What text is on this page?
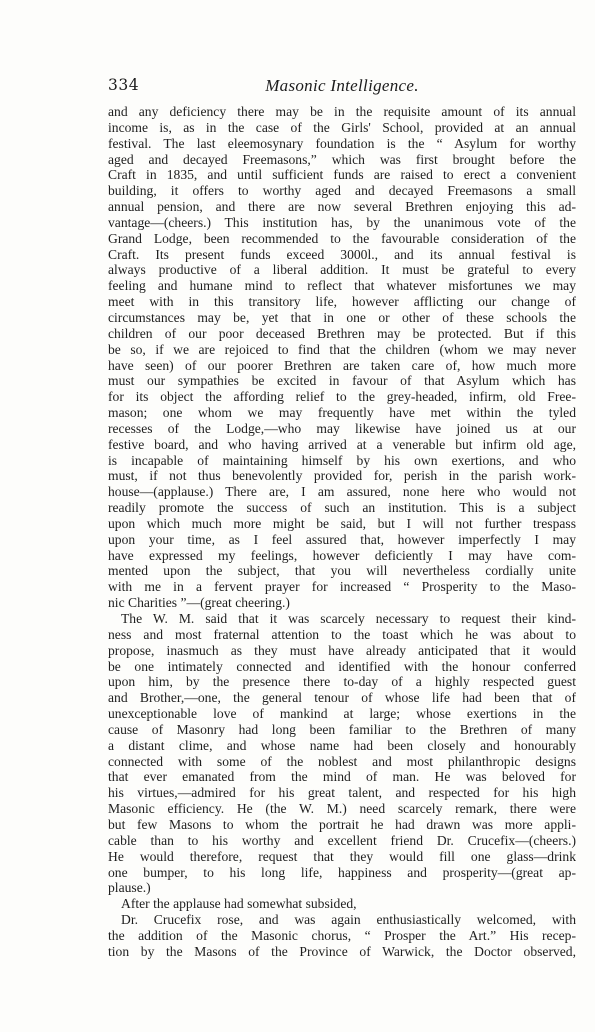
334	Masonic Intelligence.
and any deficiency there may be in the requisite amount of its annual
income is, as in the case of the Girls' School, provided at an annual
festival. The last eleemosynary foundation is the “ Asylum for worthy
aged and decayed Freemasons,” which was first brought before the
Craft in 1835, and until sufficient funds are raised to erect a convenient
building, it offers to worthy aged and decayed Freemasons a small
annual pension, and there are now several Brethren enjoying this ad-
vantage—(cheers.) This institution has, by the unanimous vote of the
Grand Lodge, been recommended to the favourable consideration of the
Craft. Its present funds exceed 3000l., and its annual festival is
always productive of a liberal addition. It must be grateful to every
feeling and humane mind to reflect that whatever misfortunes we may
meet with in this transitory life, however afflicting our change of
circumstances may be, yet that in one or other of these schools the
children of our poor deceased Brethren may be protected. But if this
be so, if we are rejoiced to find that the children (whom we may never
have seen) of our poorer Brethren are taken care of, how much more
must our sympathies be excited in favour of that Asylum which has
for its object the affording relief to the grey-headed, infirm, old Free-
mason; one whom we may frequently have met within the tyled
recesses of the Lodge,—who may likewise have joined us at our
festive board, and who having arrived at a venerable but infirm old age,
is incapable of maintaining himself by his own exertions, and who
must, if not thus benevolently provided for, perish in the parish work-
house—(applause.) There are, I am assured, none here who would not
readily promote the success of such an institution. This is a subject
upon which much more might be said, but I will not further trespass
upon your time, as I feel assured that, however imperfectly I may
have expressed my feelings, however deficiently I may have com-
mented upon the subject, that you will nevertheless cordially unite
with me in a fervent prayer for increased “ Prosperity to the Maso-
nic Charities ”—(great cheering.)
The W. M. said that it was scarcely necessary to request their kind-
ness and most fraternal attention to the toast which he was about to
propose, inasmuch as they must have already anticipated that it would
be one intimately connected and identified with the honour conferred
upon him, by the presence there to-day of a highly respected guest
and Brother,—one, the general tenour of whose life had been that of
unexceptionable love of mankind at large; whose exertions in the
cause of Masonry had long been familiar to the Brethren of many
a distant clime, and whose name had been closely and honourably
connected with some of the noblest and most philanthropic designs
that ever emanated from the mind of man. He was beloved for
his virtues,—admired for his great talent, and respected for his high
Masonic efficiency. He (the W. M.) need scarcely remark, there were
but few Masons to whom the portrait he had drawn was more appli-
cable than to his worthy and excellent friend Dr. Crucefix—(cheers.)
He would therefore, request that they would fill one glass—drink
one bumper, to his long life, happiness and prosperity—(great ap-
plause.)
After the applause had somewhat subsided,
Dr. Crucefix rose, and was again enthusiastically welcomed, with
the addition of the Masonic chorus, “ Prosper the Art.” His recep-
tion by the Masons of the Province of Warwick, the Doctor observed,
